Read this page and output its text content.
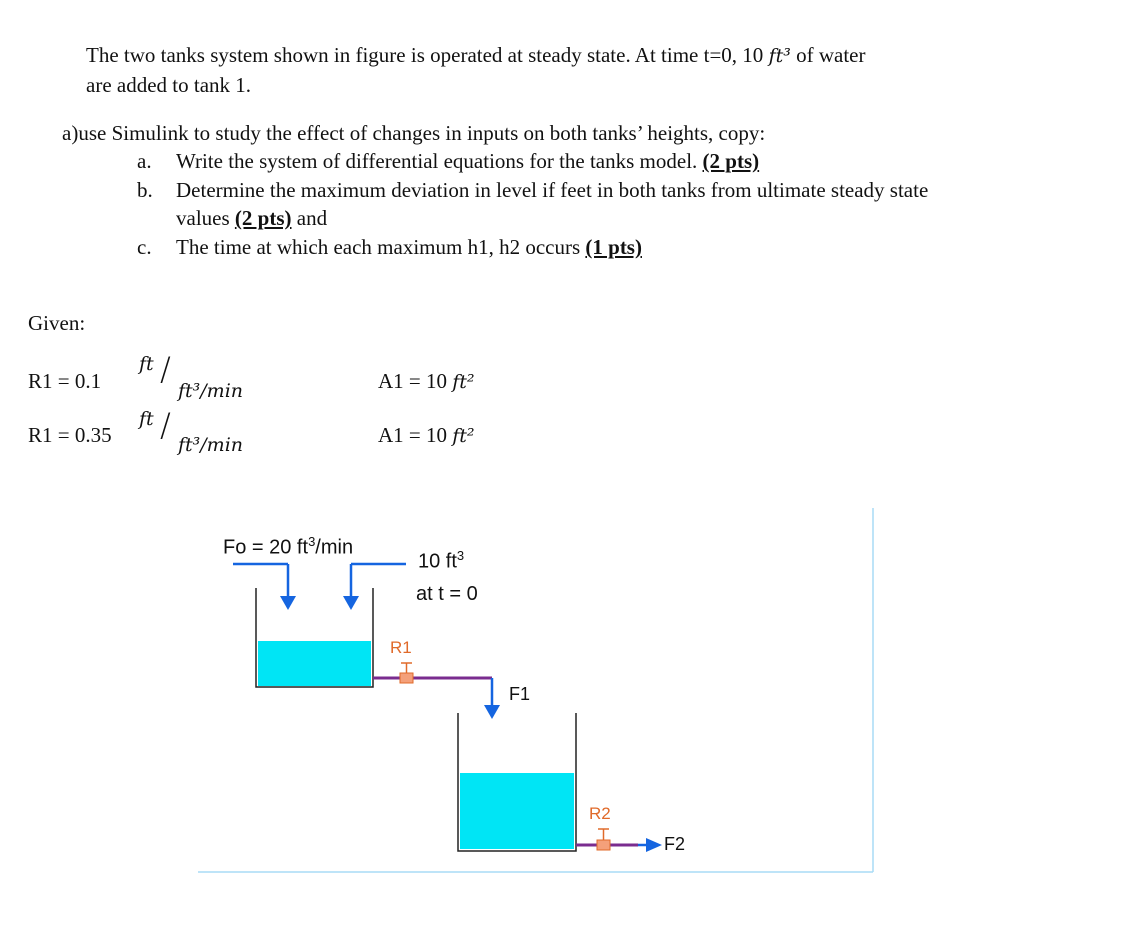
The two tanks system shown in figure is operated at steady state. At time t=0, 10 ft³ of water
are added to tank 1.
a)use Simulink to study the effect of changes in inputs on both tanks’ heights, copy:
a. Write the system of differential equations for the tanks model. (2 pts)
b. Determine the maximum deviation in level if feet in both tanks from ultimate steady state
values (2 pts) and
c. The time at which each maximum h1, h2 occurs (1 pts)
Given:
R1 = 0.1
ft /
ft³/min	A1 = 10 ft²
R1 = 0.35
ft /
ft³/min	A1 = 10 ft²
Fo = 20 $ft^3/\min$
10 $ft^3$
at t = 0
R1
F1
R2
F2
